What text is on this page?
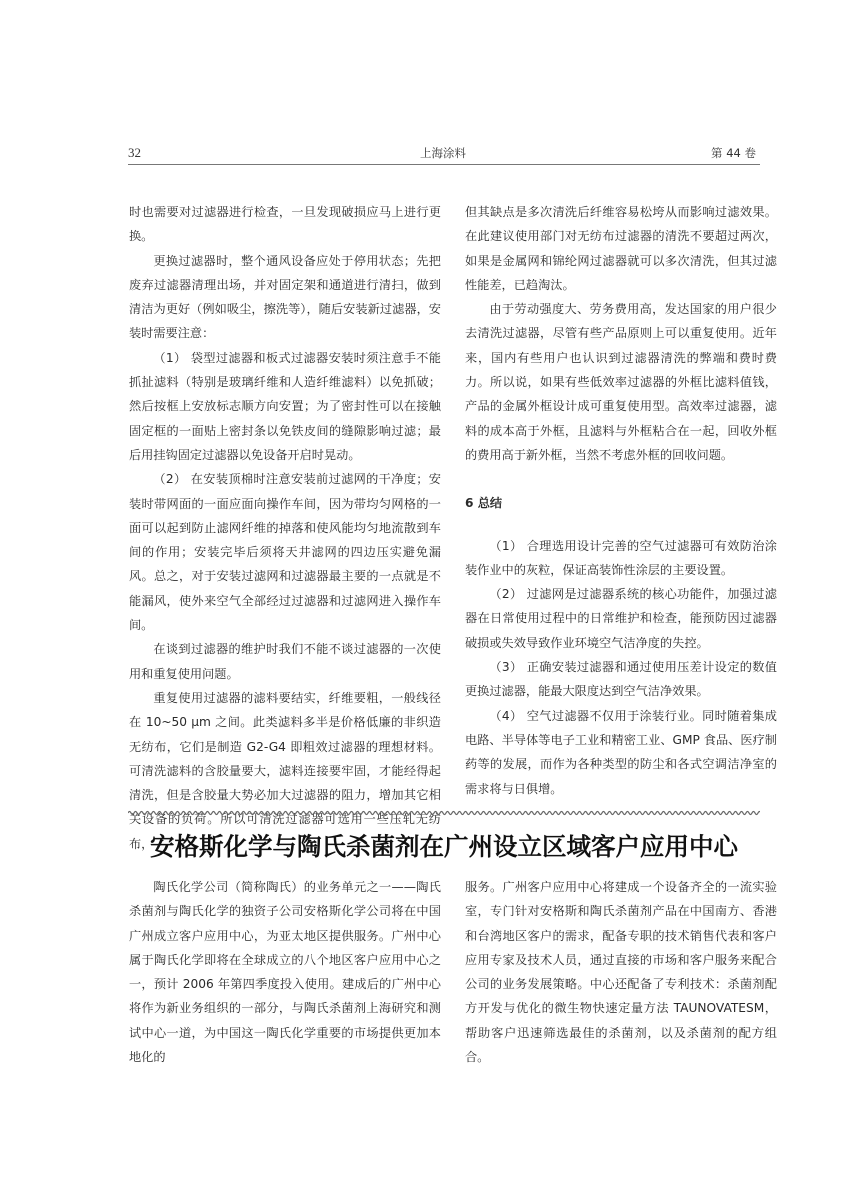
32	上海涂料	第 44 卷

时也需要对过滤器进行检查，一旦发现破损应马上进行更换。

更换过滤器时，整个通风设备应处于停用状态；先把废弃过滤器清理出场，并对固定架和通道进行清扫，做到清洁为更好（例如吸尘，擦洗等），随后安装新过滤器，安装时需要注意：

（1） 袋型过滤器和板式过滤器安装时须注意手不能抓扯滤料（特别是玻璃纤维和人造纤维滤料）以免抓破；然后按框上安放标志顺方向安置；为了密封性可以在接触固定框的一面贴上密封条以免铁皮间的缝隙影响过滤；最后用挂钩固定过滤器以免设备开启时晃动。

（2） 在安装顶棉时注意安装前过滤网的干净度；安装时带网面的一面应面向操作车间，因为带均匀网格的一面可以起到防止滤网纤维的掉落和使风能均匀地流散到车间的作用；安装完毕后须将天井滤网的四边压实避免漏风。总之，对于安装过滤网和过滤器最主要的一点就是不能漏风，使外来空气全部经过过滤器和过滤网进入操作车间。

在谈到过滤器的维护时我们不能不谈过滤器的一次使用和重复使用问题。

重复使用过滤器的滤料要结实，纤维要粗，一般线径在 10~50 μm 之间。此类滤料多半是价格低廉的非织造无纺布，它们是制造 G2-G4 即粗效过滤器的理想材料。可清洗滤料的含胶量要大，滤料连接要牢固，才能经得起清洗，但是含胶量大势必加大过滤器的阻力，增加其它相关设备的负荷。所以可清洗过滤器可选用一些压轧无纺布，

但其缺点是多次清洗后纤维容易松垮从而影响过滤效果。在此建议使用部门对无纺布过滤器的清洗不要超过两次，如果是金属网和锦纶网过滤器就可以多次清洗，但其过滤性能差，已趋淘汰。

由于劳动强度大、劳务费用高，发达国家的用户很少去清洗过滤器，尽管有些产品原则上可以重复使用。近年来，国内有些用户也认识到过滤器清洗的弊端和费时费力。所以说，如果有些低效率过滤器的外框比滤料值钱，产品的金属外框设计成可重复使用型。高效率过滤器，滤料的成本高于外框，且滤料与外框粘合在一起，回收外框的费用高于新外框，当然不考虑外框的回收问题。

6 总结

（1） 合理选用设计完善的空气过滤器可有效防治涂装作业中的灰粒，保证高装饰性涂层的主要设置。

（2） 过滤网是过滤器系统的核心功能件，加强过滤器在日常使用过程中的日常维护和检查，能预防因过滤器破损或失效导致作业环境空气洁净度的失控。

（3） 正确安装过滤器和通过使用压差计设定的数值更换过滤器，能最大限度达到空气洁净效果。

（4） 空气过滤器不仅用于涂装行业。同时随着集成电路、半导体等电子工业和精密工业、GMP 食品、医疗制药等的发展，而作为各种类型的防尘和各式空调洁净室的需求将与日俱增。

安格斯化学与陶氏杀菌剂在广州设立区域客户应用中心

陶氏化学公司（简称陶氏）的业务单元之一——陶氏杀菌剂与陶氏化学的独资子公司安格斯化学公司将在中国广州成立客户应用中心，为亚太地区提供服务。广州中心属于陶氏化学即将在全球成立的八个地区客户应用中心之一，预计 2006 年第四季度投入使用。建成后的广州中心将作为新业务组织的一部分，与陶氏杀菌剂上海研究和测试中心一道，为中国这一陶氏化学重要的市场提供更加本地化的

服务。广州客户应用中心将建成一个设备齐全的一流实验室，专门针对安格斯和陶氏杀菌剂产品在中国南方、香港和台湾地区客户的需求，配备专职的技术销售代表和客户应用专家及技术人员，通过直接的市场和客户服务来配合公司的业务发展策略。中心还配备了专利技术：杀菌剂配方开发与优化的微生物快速定量方法 TAUNOVATESM，帮助客户迅速筛选最佳的杀菌剂，以及杀菌剂的配方组合。
